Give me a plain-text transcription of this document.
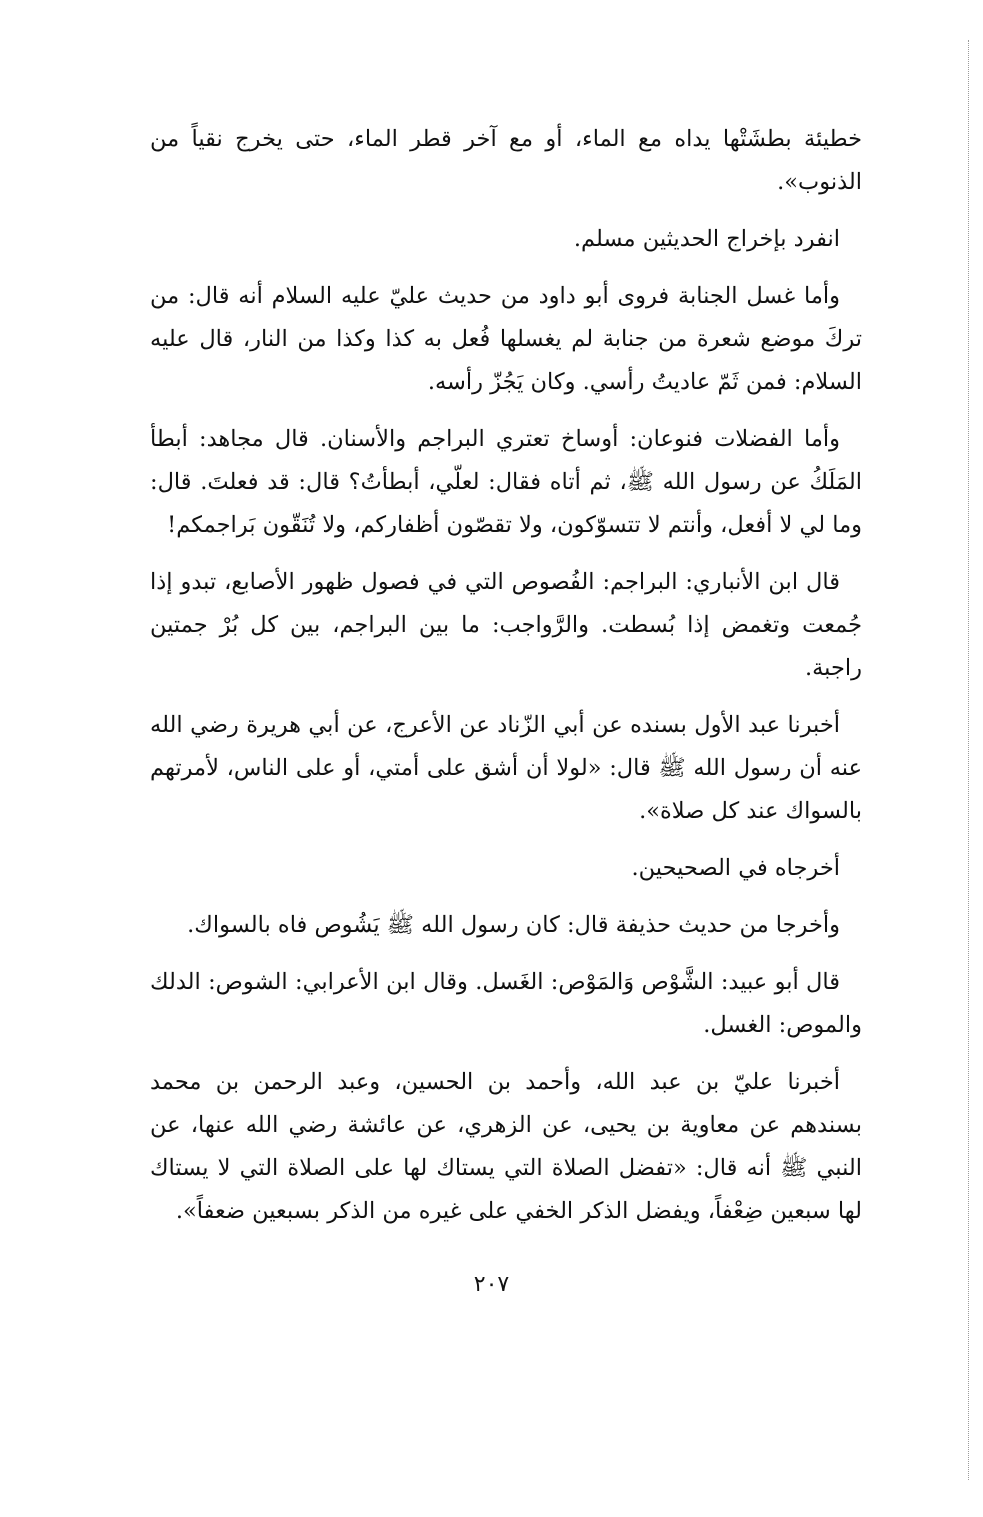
خطيئة بطشَتْها يداه مع الماء، أو مع آخر قطر الماء، حتى يخرج نقياً من الذنوب».

انفرد بإخراج الحديثين مسلم.

وأما غسل الجنابة فروى أبو داود من حديث عليّ عليه السلام أنه قال: من تركَ موضع شعرة من جنابة لم يغسلها فُعل به كذا وكذا من النار، قال عليه السلام: فمن ثَمّ عاديتُ رأسي. وكان يَجُزّ رأسه.

وأما الفضلات فنوعان: أوساخ تعتري البراجم والأسنان. قال مجاهد: أبطأ المَلَكُ عن رسول الله ﷺ، ثم أتاه فقال: لعلّي، أبطأتُ؟ قال: قد فعلتَ. قال: وما لي لا أفعل، وأنتم لا تتسوّكون، ولا تقصّون أظفاركم، ولا تُنَقّون بَراجمكم!

قال ابن الأنباري: البراجم: الفُصوص التي في فصول ظهور الأصابع، تبدو إذا جُمعت وتغمض إذا بُسطت. والرَّواجب: ما بين البراجم، بين كل بُرْ جمتين راجبة.

أخبرنا عبد الأول بسنده عن أبي الزّناد عن الأعرج، عن أبي هريرة رضي الله عنه أن رسول الله ﷺ قال: «لولا أن أشق على أمتي، أو على الناس، لأمرتهم بالسواك عند كل صلاة».

أخرجاه في الصحيحين.

وأخرجا من حديث حذيفة قال: كان رسول الله ﷺ يَشُوص فاه بالسواك.

قال أبو عبيد: الشَّوْص وَالمَوْص: الغَسل. وقال ابن الأعرابي: الشوص: الدلك والموص: الغسل.

أخبرنا عليّ بن عبد الله، وأحمد بن الحسين، وعبد الرحمن بن محمد بسندهم عن معاوية بن يحيى، عن الزهري، عن عائشة رضي الله عنها، عن النبي ﷺ أنه قال: «تفضل الصلاة التي يستاك لها على الصلاة التي لا يستاك لها سبعين ضِعْفاً، ويفضل الذكر الخفي على غيره من الذكر بسبعين ضعفاً».

٢٠٧
